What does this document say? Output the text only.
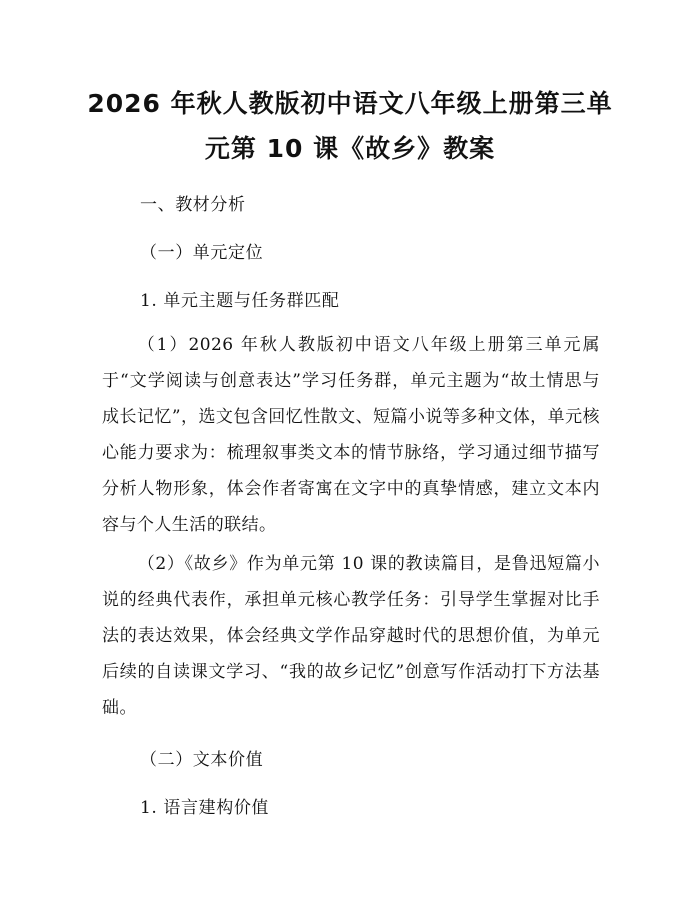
2026 年秋人教版初中语文八年级上册第三单
元第 10 课《故乡》教案
一、教材分析
（一）单元定位
1. 单元主题与任务群匹配
（1）2026 年秋人教版初中语文八年级上册第三单元属于“文学阅读与创意表达”学习任务群，单元主题为“故土情思与成长记忆”，选文包含回忆性散文、短篇小说等多种文体，单元核心能力要求为：梳理叙事类文本的情节脉络，学习通过细节描写分析人物形象，体会作者寄寓在文字中的真挚情感，建立文本内容与个人生活的联结。
（2）《故乡》作为单元第 10 课的教读篇目，是鲁迅短篇小说的经典代表作，承担单元核心教学任务：引导学生掌握对比手法的表达效果，体会经典文学作品穿越时代的思想价值，为单元后续的自读课文学习、“我的故乡记忆”创意写作活动打下方法基础。
（二）文本价值
1. 语言建构价值
